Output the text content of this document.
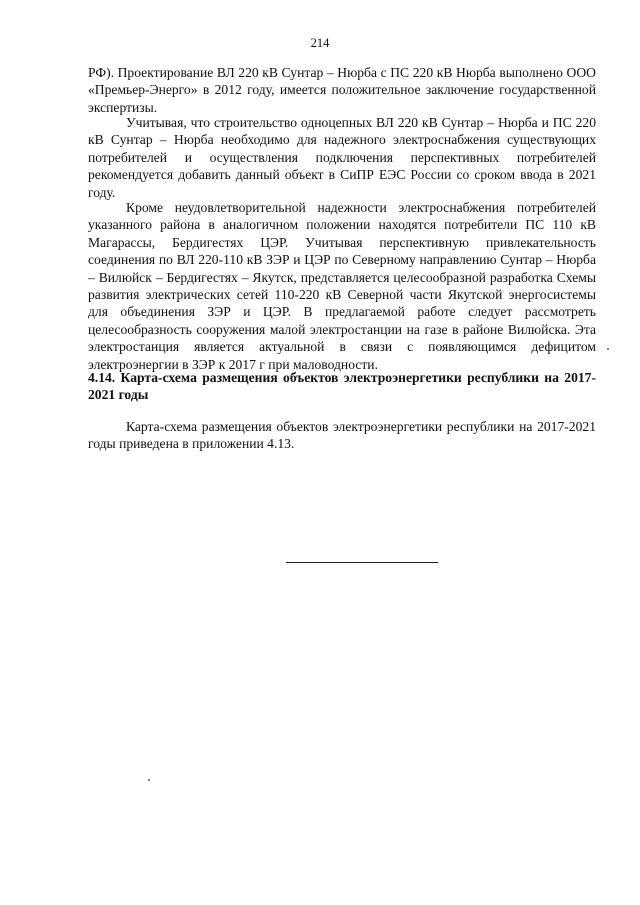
214

РФ). Проектирование ВЛ 220 кВ Сунтар – Нюрба с ПС 220 кВ Нюрба выполнено ООО «Премьер-Энерго» в 2012 году, имеется положительное заключение государственной экспертизы.

Учитывая, что строительство одноцепных ВЛ 220 кВ Сунтар – Нюрба и ПС 220 кВ Сунтар – Нюрба необходимо для надежного электроснабжения существующих потребителей и осуществления подключения перспективных потребителей рекомендуется добавить данный объект в СиПР ЕЭС России со сроком ввода в 2021 году.

Кроме неудовлетворительной надежности электроснабжения потребителей указанного района в аналогичном положении находятся потребители ПС 110 кВ Магарассы, Бердигестях ЦЭР. Учитывая перспективную привлекательность соединения по ВЛ 220-110 кВ ЗЭР и ЦЭР по Северному направлению Сунтар – Нюрба – Вилюйск – Бердигестях – Якутск, представляется целесообразной разработка Схемы развития электрических сетей 110-220 кВ Северной части Якутской энергосистемы для объединения ЗЭР и ЦЭР. В предлагаемой работе следует рассмотреть целесообразность сооружения малой электростанции на газе в районе Вилюйска. Эта электростанция является актуальной в связи с появляющимся дефицитом электроэнергии в ЗЭР к 2017 г при маловодности.

4.14. Карта-схема размещения объектов электроэнергетики республики на 2017- 2021 годы

Карта-схема размещения объектов электроэнергетики республики на 2017-2021 годы приведена в приложении 4.13.
